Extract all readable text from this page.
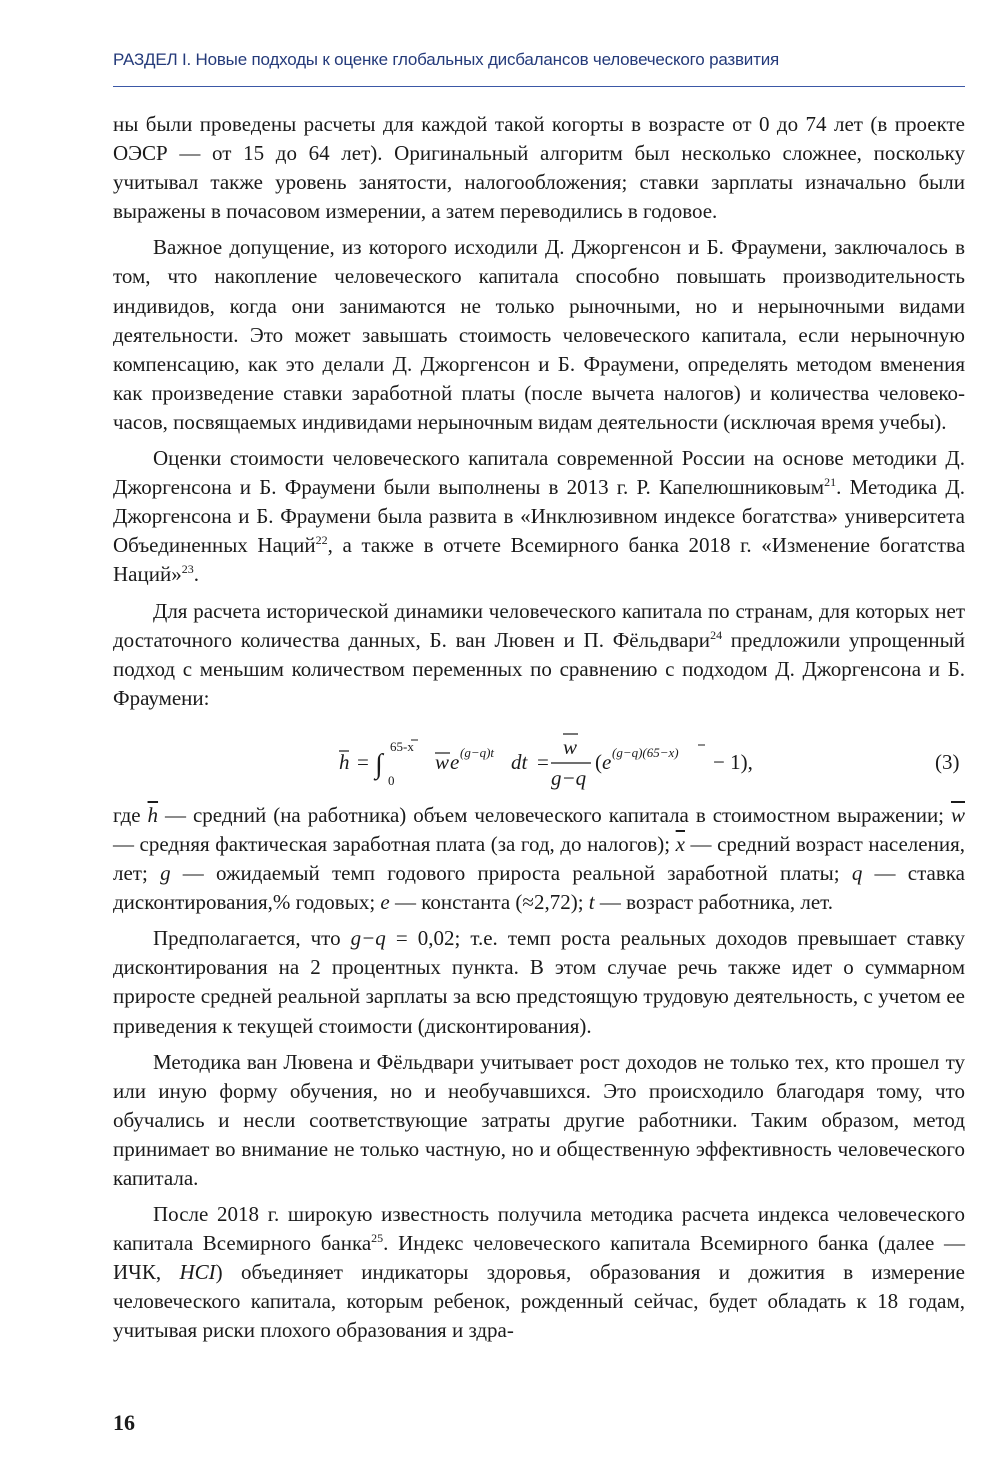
РАЗДЕЛ I. Новые подходы к оценке глобальных дисбалансов человеческого развития

ны были проведены расчеты для каждой такой когорты в возрасте от 0 до 74 лет (в проекте ОЭСР — от 15 до 64 лет). Оригинальный алгоритм был несколько сложнее, поскольку учитывал также уровень занятости, налогообложения; ставки зарплаты изначально были выражены в почасовом измерении, а затем переводились в годовое.

Важное допущение, из которого исходили Д. Джоргенсон и Б. Фраумени, заключалось в том, что накопление человеческого капитала способно повышать производительность индивидов, когда они занимаются не только рыночными, но и нерыночными видами деятельности. Это может завышать стоимость человеческого капитала, если нерыночную компенсацию, как это делали Д. Джоргенсон и Б. Фраумени, определять методом вменения как произведение ставки заработной платы (после вычета налогов) и количества человеко-часов, посвящаемых индивидами нерыночным видам деятельности (исключая время учебы).

Оценки стоимости человеческого капитала современной России на основе методики Д. Джоргенсона и Б. Фраумени были выполнены в 2013 г. Р. Капелюшниковым$^{21}$. Методика Д. Джоргенсона и Б. Фраумени была развита в «Инклюзивном индексе богатства» университета Объединенных Наций$^{22}$, а также в отчете Всемирного банка 2018 г. «Изменение богатства Наций»$^{23}$.

Для расчета исторической динамики человеческого капитала по странам, для которых нет достаточного количества данных, Б. ван Лювен и П. Фёльдвари$^{24}$ предложили упрощенный подход с меньшим количеством переменных по сравнению с подходом Д. Джоргенсона и Б. Фраумени:

h = ∫
65-x
0
w e (g−q)t dt =
w
g−q
( e (g−q)(65−x) − 1),	(3)

где $\overline{h}$ — средний (на работника) объем человеческого капитала в стоимостном выражении; $\overline{w}$ — средняя фактическая заработная плата (за год, до налогов); $\overline{x}$ — средний возраст населения, лет; g — ожидаемый темп годового прироста реальной заработной платы; q — ставка дисконтирования,% годовых; e — константа (≈2,72); t — возраст работника, лет.

Предполагается, что g−q = 0,02; т.е. темп роста реальных доходов превышает ставку дисконтирования на 2 процентных пункта. В этом случае речь также идет о суммарном приросте средней реальной зарплаты за всю предстоящую трудовую деятельность, с учетом ее приведения к текущей стоимости (дисконтирования).

Методика ван Лювена и Фёльдвари учитывает рост доходов не только тех, кто прошел ту или иную форму обучения, но и необучавшихся. Это происходило благодаря тому, что обучались и несли соответствующие затраты другие работники. Таким образом, метод принимает во внимание не только частную, но и общественную эффективность человеческого капитала.

После 2018 г. широкую известность получила методика расчета индекса человеческого капитала Всемирного банка$^{25}$. Индекс человеческого капитала Всемирного банка (далее — ИЧК, HCI) объединяет индикаторы здоровья, образования и дожития в измерение человеческого капитала, которым ребенок, рожденный сейчас, будет обладать к 18 годам, учитывая риски плохого образования и здра-

16
